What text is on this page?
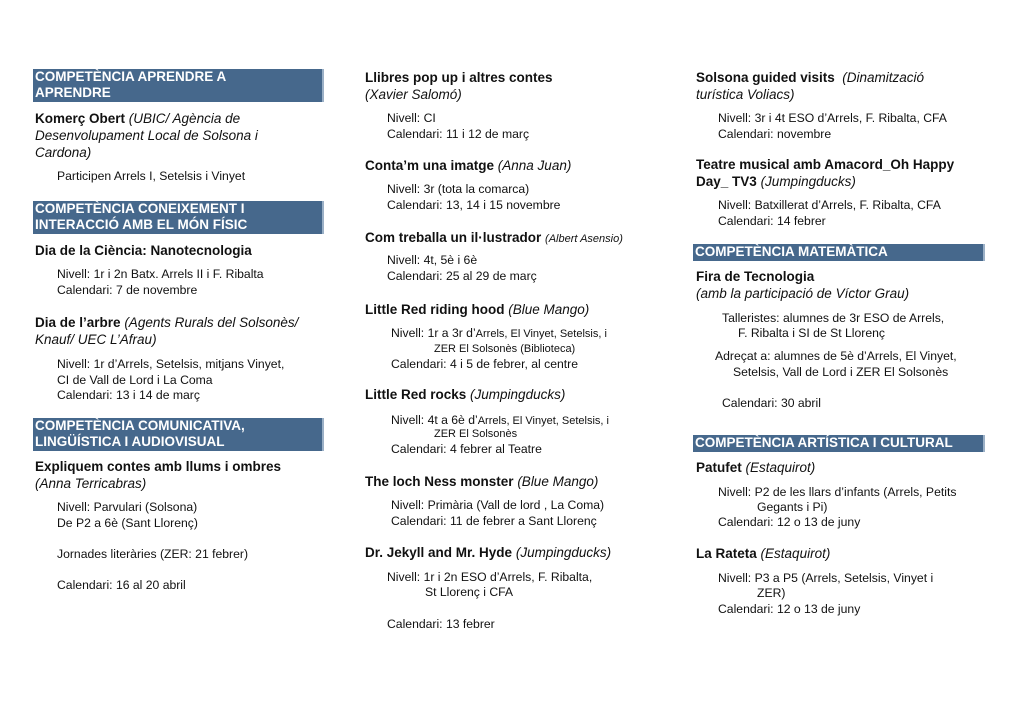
COMPETÈNCIA APRENDRE A
APRENDRE
Komerç Obert (UBIC/ Agència de
Desenvolupament Local de Solsona i
Cardona)
Participen Arrels I, Setelsis i Vinyet
COMPETÈNCIA CONEIXEMENT I
INTERACCIÓ AMB EL MÓN FÍSIC
Dia de la Ciència: Nanotecnologia
Nivell: 1r i 2n Batx. Arrels II i F. Ribalta
Calendari: 7 de novembre
Dia de l’arbre (Agents Rurals del Solsonès/
Knauf/ UEC L’Afrau)
Nivell: 1r d’Arrels, Setelsis, mitjans Vinyet,
CI de Vall de Lord i La Coma
Calendari: 13 i 14 de març
COMPETÈNCIA COMUNICATIVA,
LINGÜÍSTICA I AUDIOVISUAL
Expliquem contes amb llums i ombres
(Anna Terricabras)
Nivell: Parvulari (Solsona)
De P2 a 6è (Sant Llorenç)
Jornades literàries (ZER: 21 febrer)
Calendari: 16 al 20 abril
Llibres pop up i altres contes
(Xavier Salomó)
Nivell: CI
Calendari: 11 i 12 de març
Conta’m una imatge (Anna Juan)
Nivell: 3r (tota la comarca)
Calendari: 13, 14 i 15 novembre
Com treballa un il·lustrador (Albert Asensio)
Nivell: 4t, 5è i 6è
Calendari: 25 al 29 de març
Little Red riding hood (Blue Mango)
Nivell: 1r a 3r d’Arrels, El Vinyet, Setelsis, i
ZER El Solsonès (Biblioteca)
Calendari: 4 i 5 de febrer, al centre
Little Red rocks (Jumpingducks)
Nivell: 4t a 6è d’Arrels, El Vinyet, Setelsis, i
ZER El Solsonès
Calendari: 4 febrer al Teatre
The loch Ness monster (Blue Mango)
Nivell: Primària (Vall de lord , La Coma)
Calendari: 11 de febrer a Sant Llorenç
Dr. Jekyll and Mr. Hyde (Jumpingducks)
Nivell: 1r i 2n ESO d’Arrels, F. Ribalta,
St Llorenç i CFA
Calendari: 13 febrer
Solsona guided visits (Dinamització
turística Voliacs)
Nivell: 3r i 4t ESO d’Arrels, F. Ribalta, CFA
Calendari: novembre
Teatre musical amb Amacord_Oh Happy
Day_ TV3 (Jumpingducks)
Nivell: Batxillerat d’Arrels, F. Ribalta, CFA
Calendari: 14 febrer
COMPETÈNCIA MATEMÀTICA
Fira de Tecnologia
(amb la participació de Víctor Grau)
Talleristes: alumnes de 3r ESO de Arrels,
F. Ribalta i SI de St Llorenç
Adreçat a: alumnes de 5è d’Arrels, El Vinyet,
Setelsis, Vall de Lord i ZER El Solsonès
Calendari: 30 abril
COMPETÈNCIA ARTÍSTICA I CULTURAL
Patufet (Estaquirot)
Nivell: P2 de les llars d’infants (Arrels, Petits
Gegants i Pi)
Calendari: 12 o 13 de juny
La Rateta (Estaquirot)
Nivell: P3 a P5 (Arrels, Setelsis, Vinyet i
ZER)
Calendari: 12 o 13 de juny
